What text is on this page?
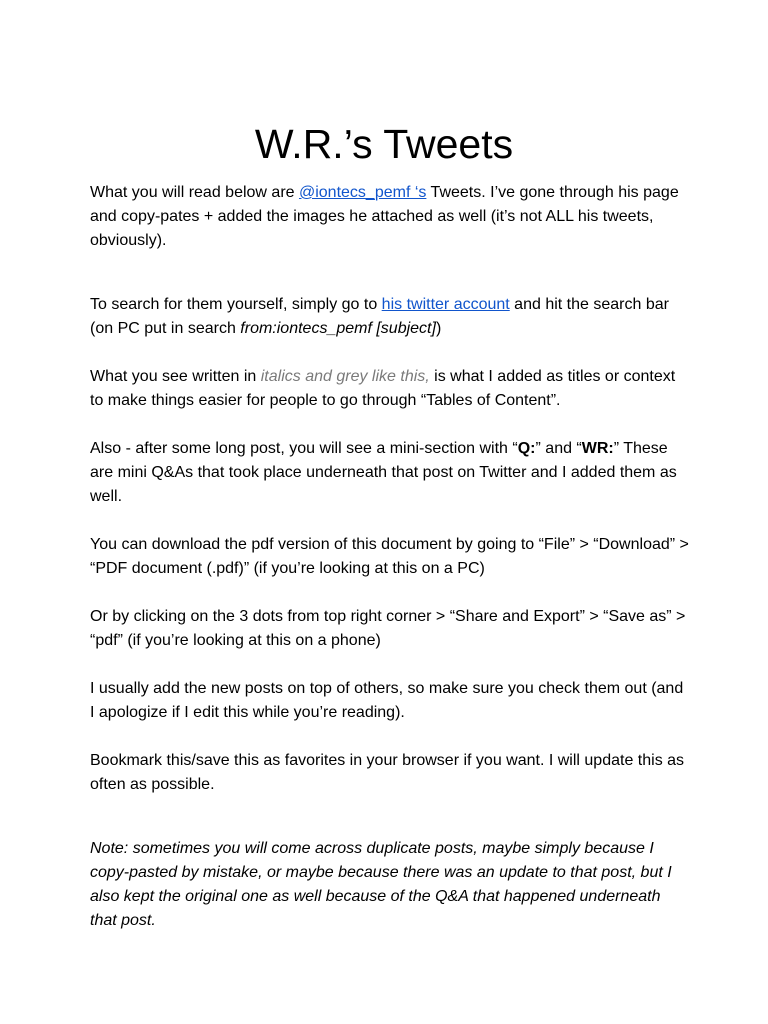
W.R.’s Tweets

What you will read below are @iontecs_pemf ‘s Tweets. I’ve gone through his page and copy-pates + added the images he attached as well (it’s not ALL his tweets, obviously).

To search for them yourself, simply go to his twitter account and hit the search bar (on PC put in search from:iontecs_pemf [subject])

What you see written in italics and grey like this, is what I added as titles or context to make things easier for people to go through “Tables of Content”.

Also - after some long post, you will see a mini-section with “Q:” and “WR:” These are mini Q&As that took place underneath that post on Twitter and I added them as well.

You can download the pdf version of this document by going to “File” > “Download” > “PDF document (.pdf)” (if you’re looking at this on a PC)

Or by clicking on the 3 dots from top right corner > “Share and Export” > “Save as” > “pdf” (if you’re looking at this on a phone)

I usually add the new posts on top of others, so make sure you check them out (and I apologize if I edit this while you’re reading).

Bookmark this/save this as favorites in your browser if you want. I will update this as often as possible.

Note: sometimes you will come across duplicate posts, maybe simply because I copy-pasted by mistake, or maybe because there was an update to that post, but I also kept the original one as well because of the Q&A that happened underneath that post.
